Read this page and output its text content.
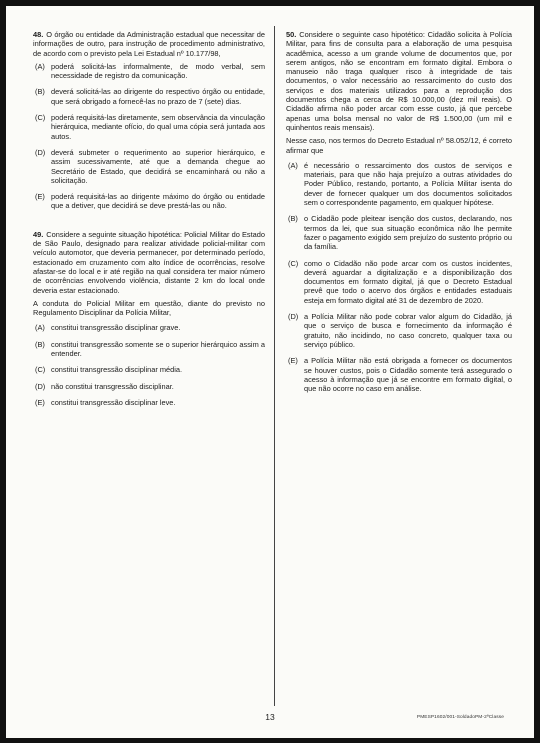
48. O órgão ou entidade da Administração estadual que necessitar de informações de outro, para instrução de procedimento administrativo, de acordo com o previsto pela Lei Estadual nº 10.177/98,

(A) poderá solicitá-las informalmente, de modo verbal, sem necessidade de registro da comunicação.
(B) deverá solicitá-las ao dirigente do respectivo órgão ou entidade, que será obrigado a fornecê-las no prazo de 7 (sete) dias.
(C) poderá requisitá-las diretamente, sem observância da vinculação hierárquica, mediante ofício, do qual uma cópia será juntada aos autos.
(D) deverá submeter o requerimento ao superior hierárquico, e assim sucessivamente, até que a demanda chegue ao Secretário de Estado, que decidirá se encaminhará ou não a solicitação.
(E) poderá requisitá-las ao dirigente máximo do órgão ou entidade que a detiver, que decidirá se deve prestá-las ou não.

49. Considere a seguinte situação hipotética: Policial Militar do Estado de São Paulo, designado para realizar atividade policial-militar com veículo automotor, que deveria permanecer, por determinado período, estacionado em cruzamento com alto índice de ocorrências, resolve afastar-se do local e ir até região na qual considera ter maior número de ocorrências envolvendo violência, distante 2 km do local onde deveria estar estacionado.

A conduta do Policial Militar em questão, diante do previsto no Regulamento Disciplinar da Polícia Militar,

(A) constitui transgressão disciplinar grave.
(B) constitui transgressão somente se o superior hierárquico assim a entender.
(C) constitui transgressão disciplinar média.
(D) não constitui transgressão disciplinar.
(E) constitui transgressão disciplinar leve.

50. Considere o seguinte caso hipotético: Cidadão solicita à Polícia Militar, para fins de consulta para a elaboração de uma pesquisa acadêmica, acesso a um grande volume de documentos que, por serem antigos, não se encontram em formato digital. Embora o manuseio não traga qualquer risco à integridade de tais documentos, o valor necessário ao ressarcimento do custo dos serviços e dos materiais utilizados para a reprodução dos documentos chega a cerca de R$ 10.000,00 (dez mil reais). O Cidadão afirma não poder arcar com esse custo, já que percebe apenas uma bolsa mensal no valor de R$ 1.500,00 (um mil e quinhentos reais mensais).

Nesse caso, nos termos do Decreto Estadual nº 58.052/12, é correto afirmar que

(A) é necessário o ressarcimento dos custos de serviços e materiais, para que não haja prejuízo a outras atividades do Poder Público, restando, portanto, a Polícia Militar isenta do dever de fornecer qualquer um dos documentos solicitados sem o correspondente pagamento, em qualquer hipótese.
(B) o Cidadão pode pleitear isenção dos custos, declarando, nos termos da lei, que sua situação econômica não lhe permite fazer o pagamento exigido sem prejuízo do sustento próprio ou da família.
(C) como o Cidadão não pode arcar com os custos incidentes, deverá aguardar a digitalização e a disponibilização dos documentos em formato digital, já que o Decreto Estadual prevê que todo o acervo dos órgãos e entidades estaduais esteja em formato digital até 31 de dezembro de 2020.
(D) a Polícia Militar não pode cobrar valor algum do Cidadão, já que o serviço de busca e fornecimento da informação é gratuito, não incidindo, no caso concreto, qualquer taxa ou serviço público.
(E) a Polícia Militar não está obrigada a fornecer os documentos se houver custos, pois o Cidadão somente terá assegurado o acesso à informação que já se encontre em formato digital, o que não ocorre no caso em análise.
13	PMESP1602/001-SoldadoPM-2ªClasse
